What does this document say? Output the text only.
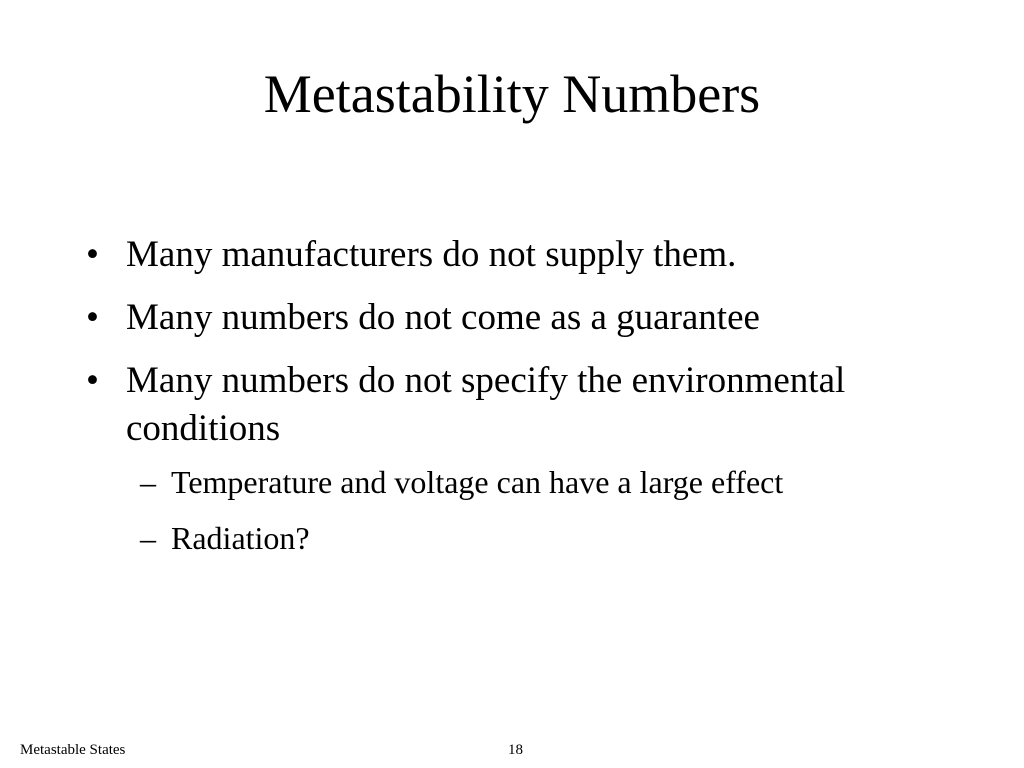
Metastability Numbers
• Many manufacturers do not supply them.
• Many numbers do not come as a guarantee
• Many numbers do not specify the environmental conditions
– Temperature and voltage can have a large effect
– Radiation?
Metastable States	18
